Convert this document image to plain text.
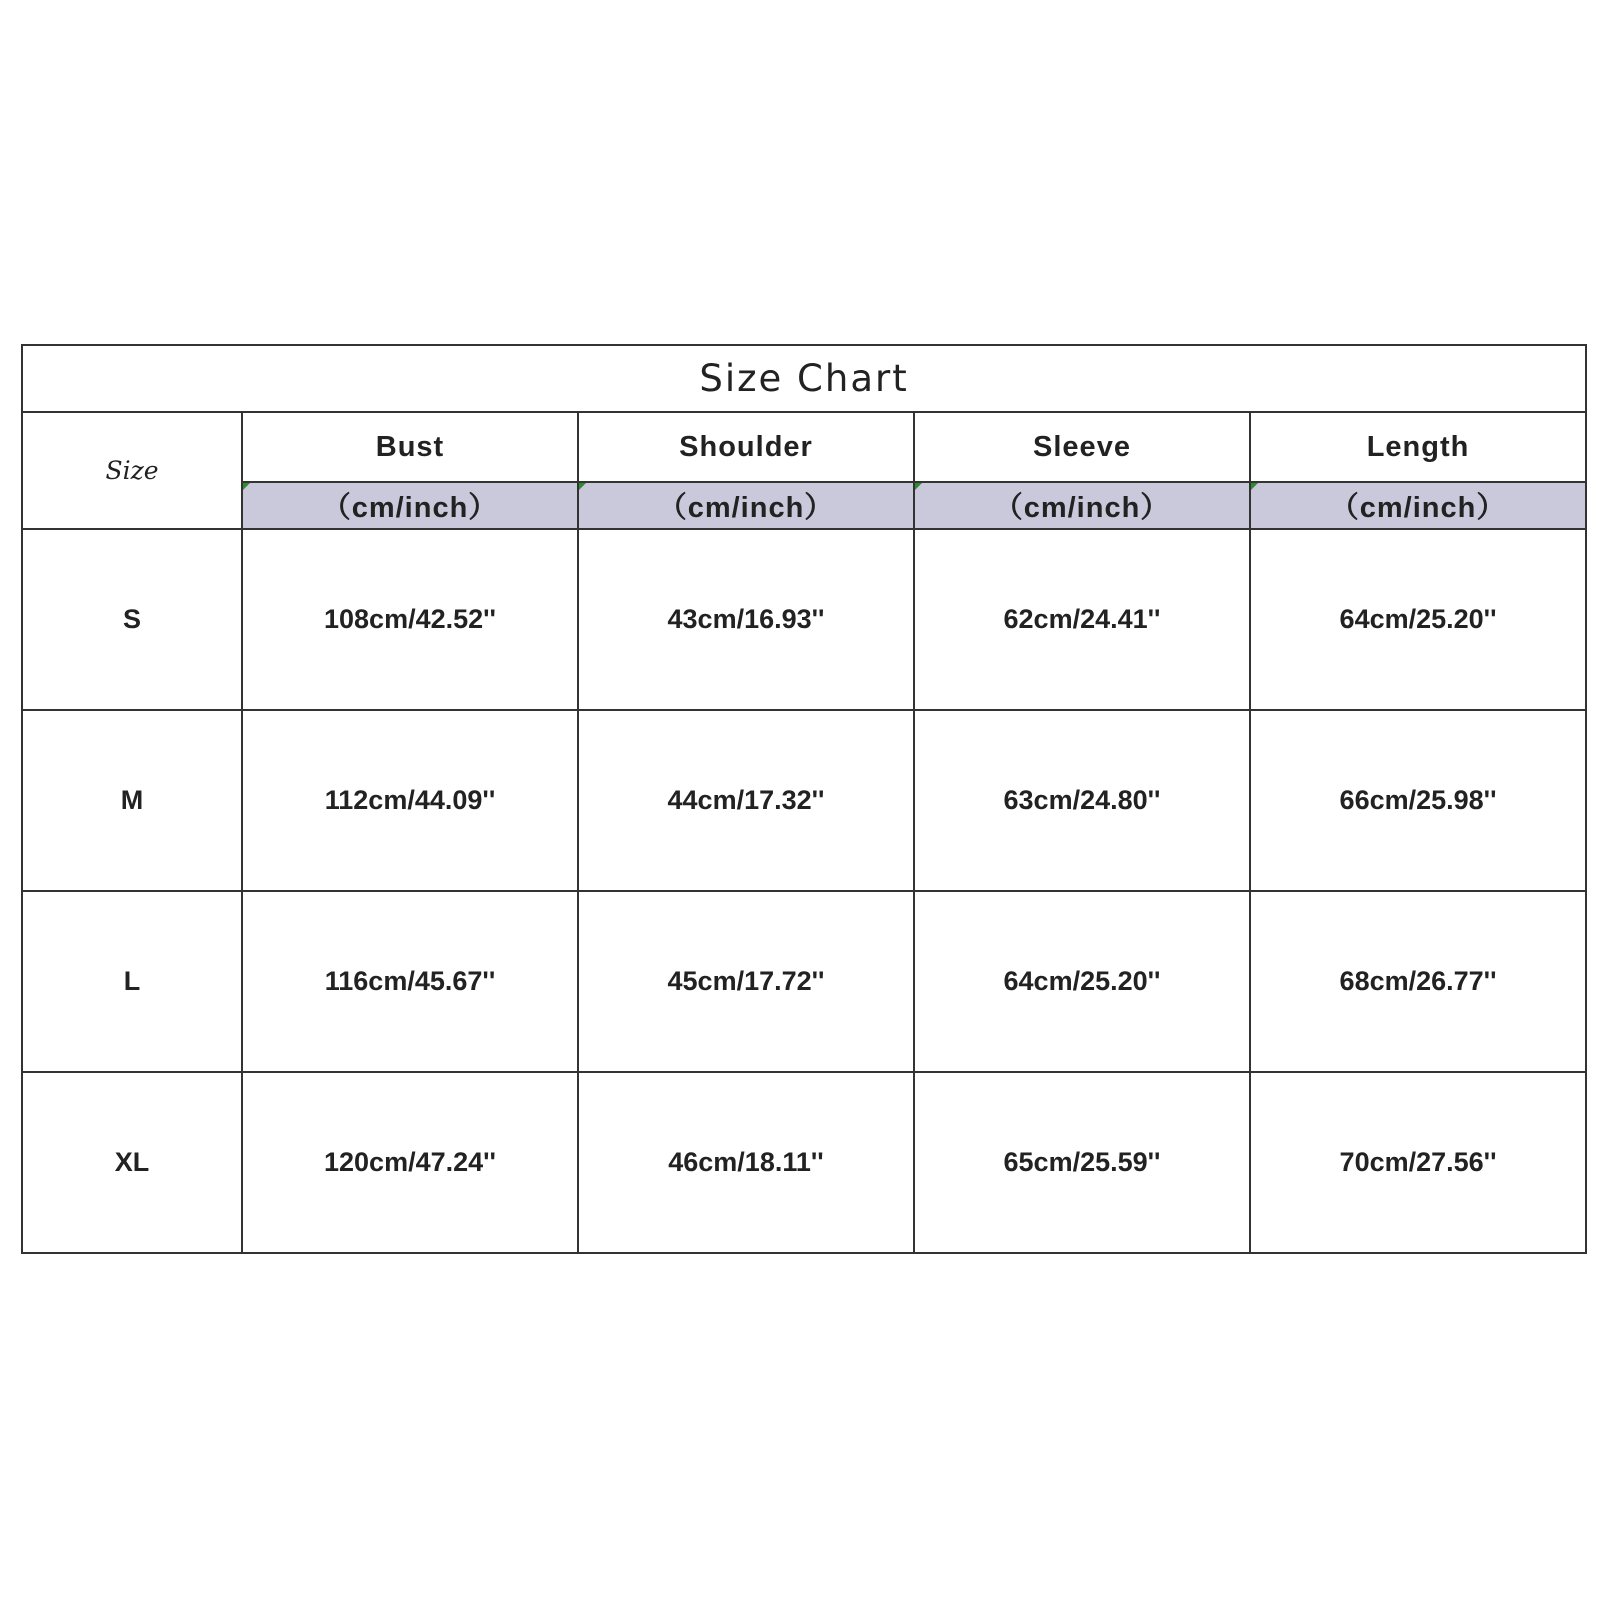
Size Chart				
Size	Bust	Shoulder	Sleeve	Length

（cm/inch）	（cm/inch）	（cm/inch）	（cm/inch）
S	108cm/42.52''	43cm/16.93''	62cm/24.41''	64cm/25.20''
M	112cm/44.09''	44cm/17.32''	63cm/24.80''	66cm/25.98''
L	116cm/45.67''	45cm/17.72''	64cm/25.20''	68cm/26.77''
XL	120cm/47.24''	46cm/18.11''	65cm/25.59''	70cm/27.56''
